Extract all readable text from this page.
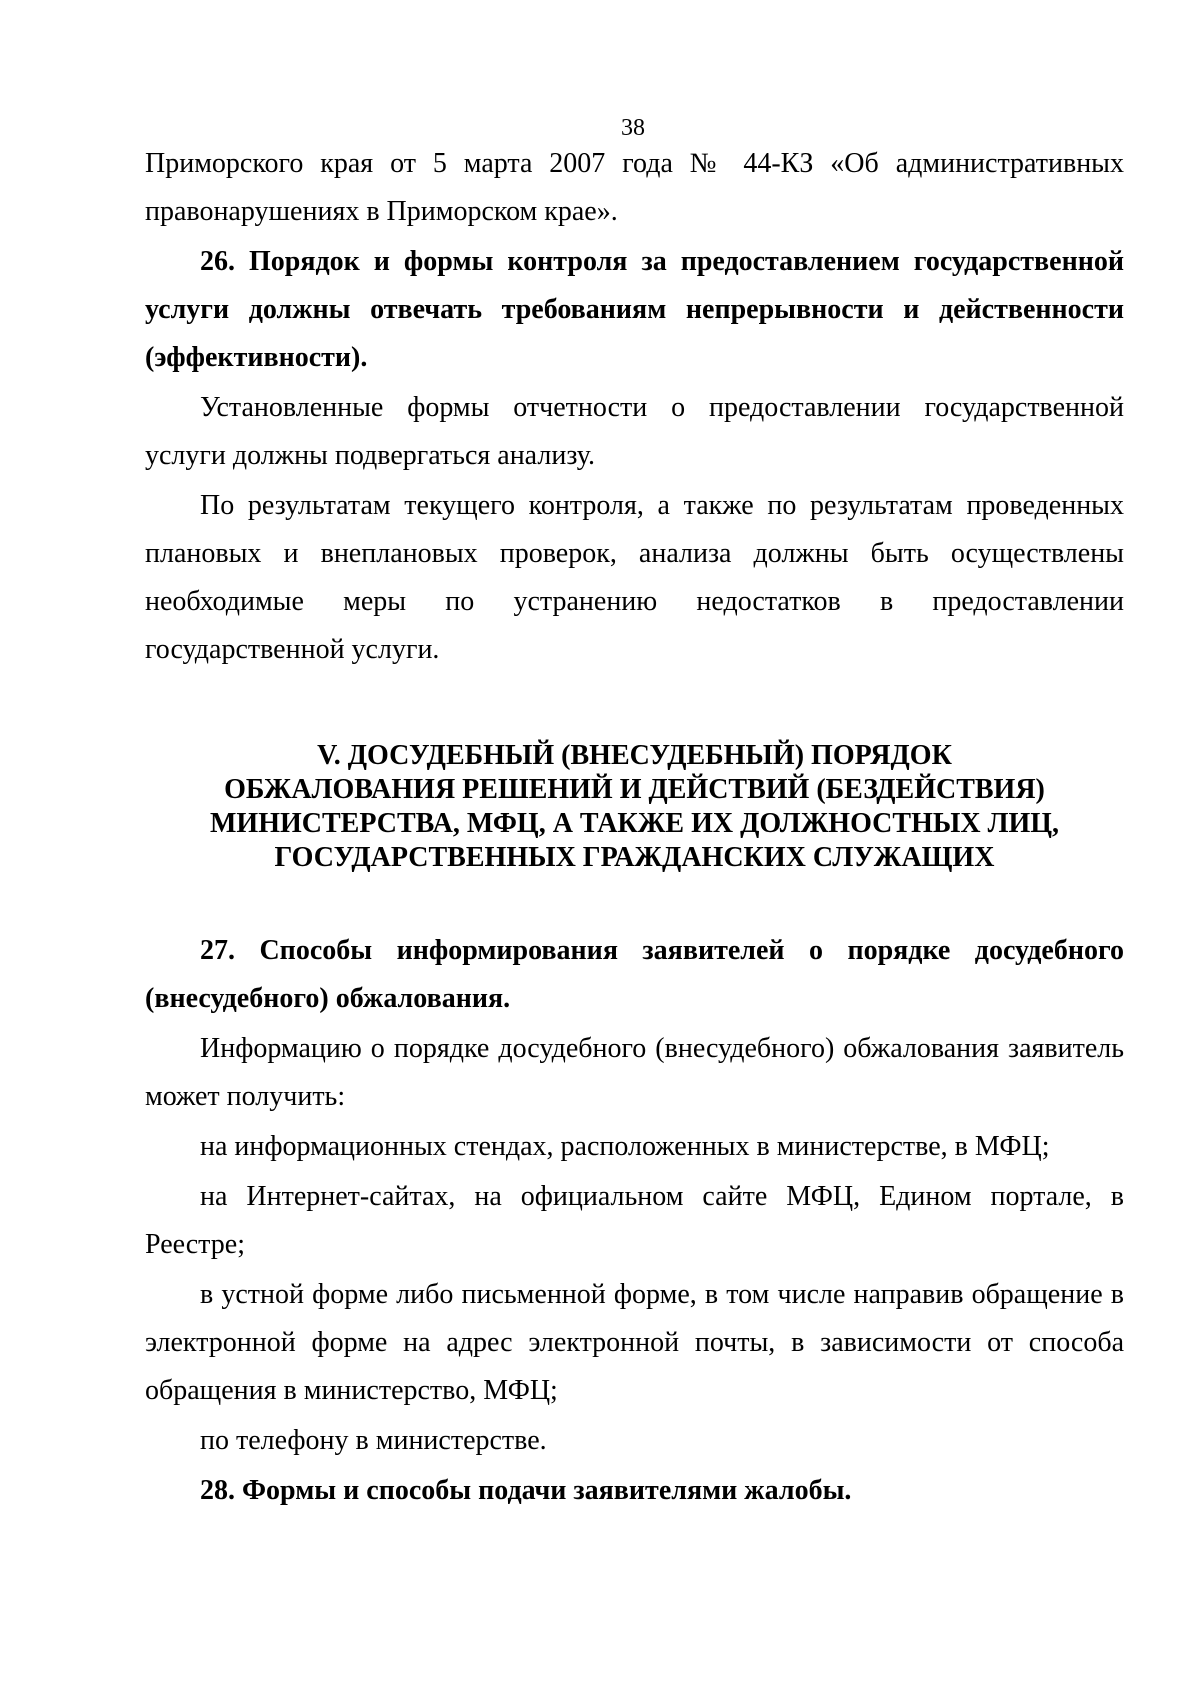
38

Приморского края от 5 марта 2007 года № 44-КЗ «Об административных правонарушениях в Приморском крае».

26. Порядок и формы контроля за предоставлением государственной услуги должны отвечать требованиям непрерывности и действенности (эффективности).

Установленные формы отчетности о предоставлении государственной услуги должны подвергаться анализу.

По результатам текущего контроля, а также по результатам проведенных плановых и внеплановых проверок, анализа должны быть осуществлены необходимые меры по устранению недостатков в предоставлении государственной услуги.

V. ДОСУДЕБНЫЙ (ВНЕСУДЕБНЫЙ) ПОРЯДОК
ОБЖАЛОВАНИЯ РЕШЕНИЙ И ДЕЙСТВИЙ (БЕЗДЕЙСТВИЯ)
МИНИСТЕРСТВА, МФЦ, А ТАКЖЕ ИХ ДОЛЖНОСТНЫХ ЛИЦ,
ГОСУДАРСТВЕННЫХ ГРАЖДАНСКИХ СЛУЖАЩИХ

27. Способы информирования заявителей о порядке досудебного (внесудебного) обжалования.

Информацию о порядке досудебного (внесудебного) обжалования заявитель может получить:

на информационных стендах, расположенных в министерстве, в МФЦ;

на Интернет-сайтах, на официальном сайте МФЦ, Едином портале, в Реестре;

в устной форме либо письменной форме, в том числе направив обращение в электронной форме на адрес электронной почты, в зависимости от способа обращения в министерство, МФЦ;

по телефону в министерстве.

28. Формы и способы подачи заявителями жалобы.
